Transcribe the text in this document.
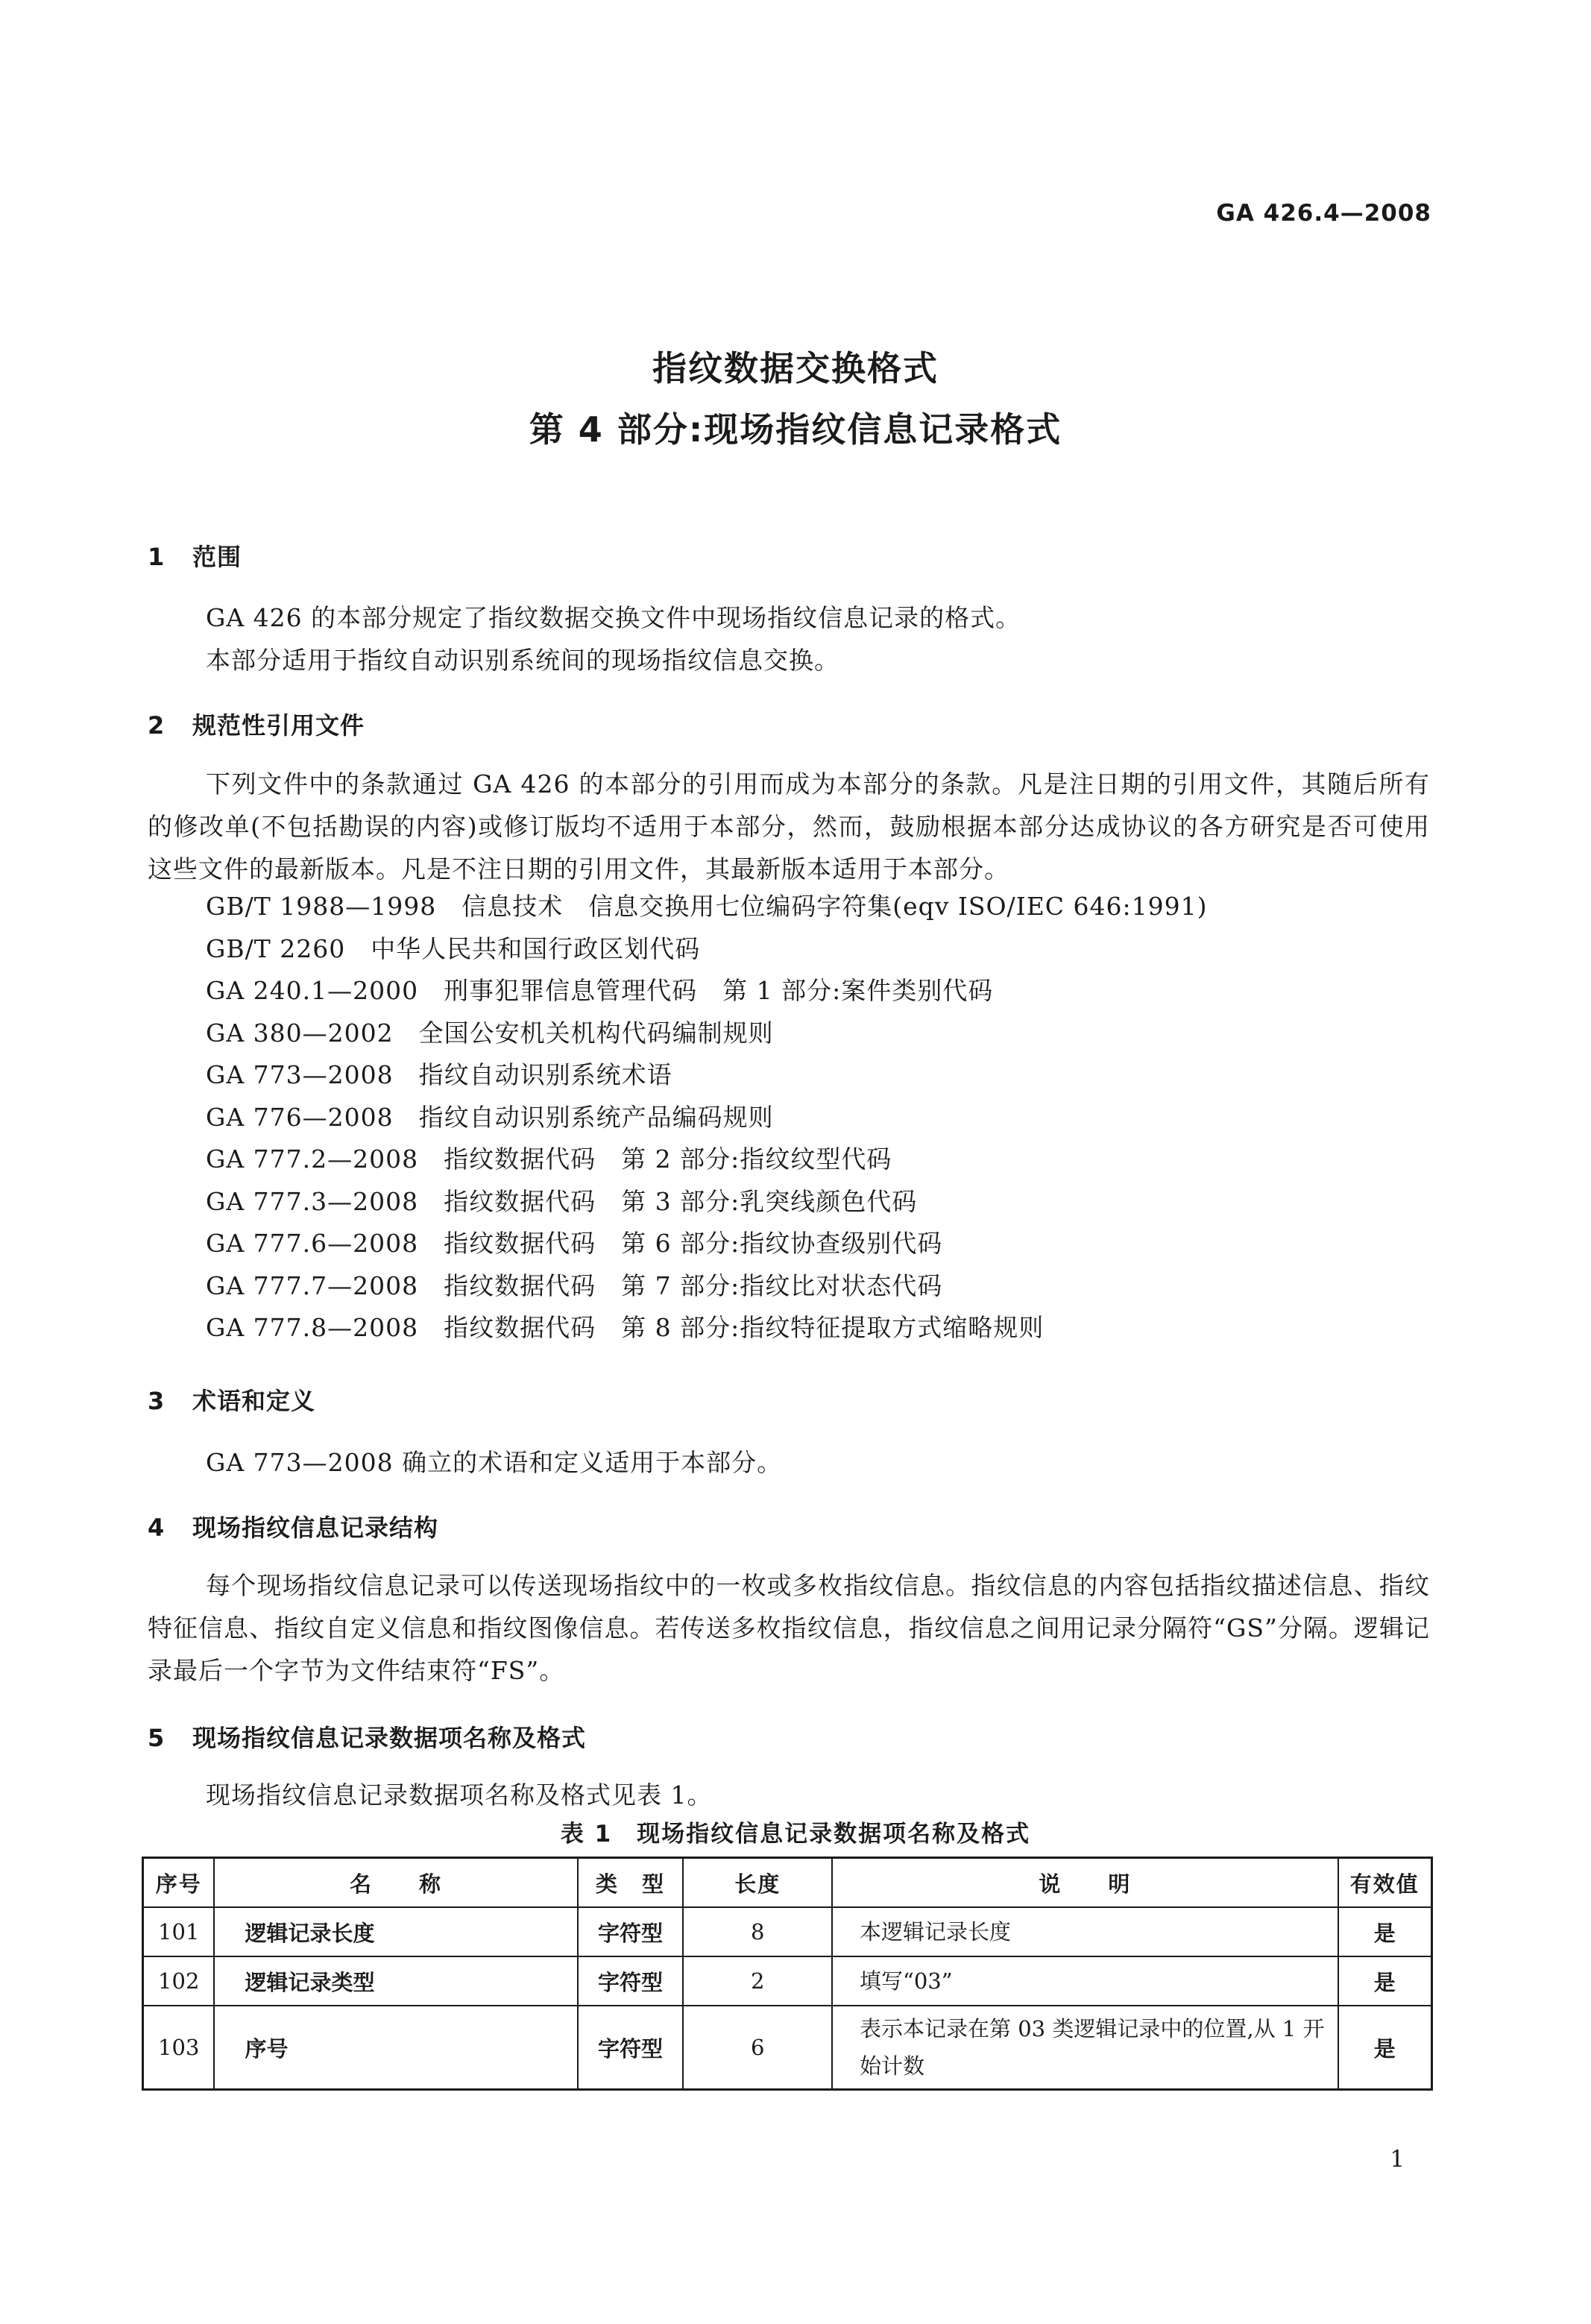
GA 426.4—2008
指纹数据交换格式
第 4 部分:现场指纹信息记录格式
1 范围
GA 426 的本部分规定了指纹数据交换文件中现场指纹信息记录的格式。
本部分适用于指纹自动识别系统间的现场指纹信息交换。
2 规范性引用文件

下列文件中的条款通过 GA 426 的本部分的引用而成为本部分的条款。凡是注日期的引用文件，其随后所有的修改单(不包括勘误的内容)或修订版均不适用于本部分，然而，鼓励根据本部分达成协议的各方研究是否可使用这些文件的最新版本。凡是不注日期的引用文件，其最新版本适用于本部分。

GB/T 1988—1998 信息技术　信息交换用七位编码字符集(eqv ISO/IEC 646:1991)
GB/T 2260 中华人民共和国行政区划代码
GA 240.1—2000 刑事犯罪信息管理代码　第 1 部分:案件类别代码
GA 380—2002 全国公安机关机构代码编制规则
GA 773—2008 指纹自动识别系统术语
GA 776—2008 指纹自动识别系统产品编码规则
GA 777.2—2008 指纹数据代码　第 2 部分:指纹纹型代码
GA 777.3—2008 指纹数据代码　第 3 部分:乳突线颜色代码
GA 777.6—2008 指纹数据代码　第 6 部分:指纹协查级别代码
GA 777.7—2008 指纹数据代码　第 7 部分:指纹比对状态代码
GA 777.8—2008 指纹数据代码　第 8 部分:指纹特征提取方式缩略规则
3 术语和定义
GA 773—2008 确立的术语和定义适用于本部分。
4 现场指纹信息记录结构

每个现场指纹信息记录可以传送现场指纹中的一枚或多枚指纹信息。指纹信息的内容包括指纹描述信息、指纹特征信息、指纹自定义信息和指纹图像信息。若传送多枚指纹信息，指纹信息之间用记录分隔符“GS”分隔。逻辑记录最后一个字节为文件结束符“FS”。

5 现场指纹信息记录数据项名称及格式
现场指纹信息记录数据项名称及格式见表 1。
表 1　现场指纹信息记录数据项名称及格式
序号	名　　称	类　型	长度	说　　明	有效值
101	逻辑记录长度	字符型	8	本逻辑记录长度	是
102	逻辑记录类型	字符型	2	填写“03”	是
103	序号	字符型	6	表示本记录在第 03 类逻辑记录中的位置,从 1 开始计数	是
1
